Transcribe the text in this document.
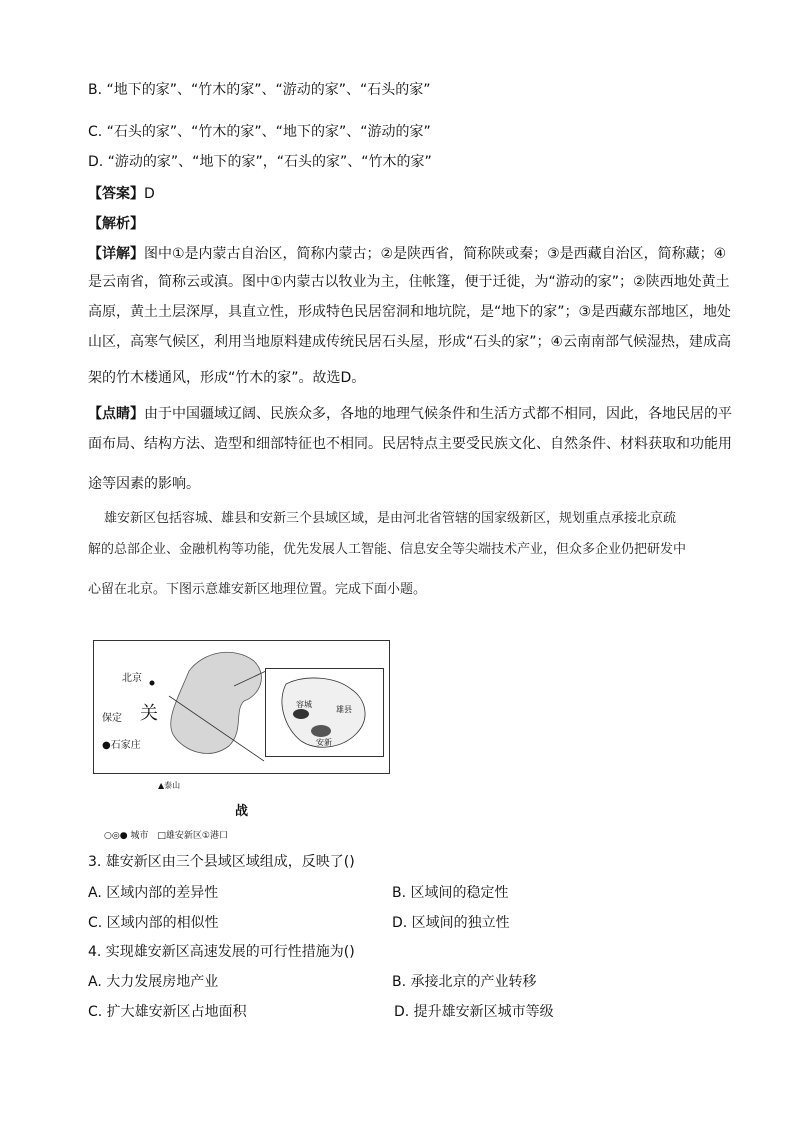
B. “地下的家”、“竹木的家”、“游动的家”、“石头的家”
C. “石头的家”、“竹木的家”、“地下的家”、“游动的家”
D. “游动的家”、“地下的家”，“石头的家”、“竹木的家”
【答案】D
【解析】
【详解】图中①是内蒙古自治区，简称内蒙古；②是陕西省，简称陕或秦；③是西藏自治区，简称藏；④
是云南省，简称云或滇。图中①内蒙古以牧业为主，住帐篷，便于迁徙，为“游动的家”；②陕西地处黄土
高原，黄土土层深厚，具直立性，形成特色民居窑洞和地坑院，是“地下的家”；③是西藏东部地区，地处
山区，高寒气候区，利用当地原料建成传统民居石头屋，形成“石头的家”；④云南南部气候湿热，建成高
架的竹木楼通风，形成“竹木的家”。故选D。
【点睛】由于中国疆域辽阔、民族众多，各地的地理气候条件和生活方式都不相同，因此，各地民居的平
面布局、结构方法、造型和细部特征也不相同。民居特点主要受民族文化、自然条件、材料获取和功能用
途等因素的影响。
雄安新区包括容城、雄县和安新三个县域区域，是由河北省管辖的国家级新区，规划重点承接北京疏
解的总部企业、金融机构等功能，优先发展人工智能、信息安全等尖端技术产业，但众多企业仍把研发中
心留在北京。下图示意雄安新区地理位置。完成下面小题。
北京
保定
●石家庄
关	容城
雄县
安新
▲泰山
战
○◎● 城市　□雄安新区①港口
3. 雄安新区由三个县域区域组成，反映了()
A. 区域内部的差异性	B. 区域间的稳定性
C. 区域内部的相似性	D. 区域间的独立性
4. 实现雄安新区高速发展的可行性措施为()
A. 大力发展房地产业	B. 承接北京的产业转移
C. 扩大雄安新区占地面积	D. 提升雄安新区城市等级
